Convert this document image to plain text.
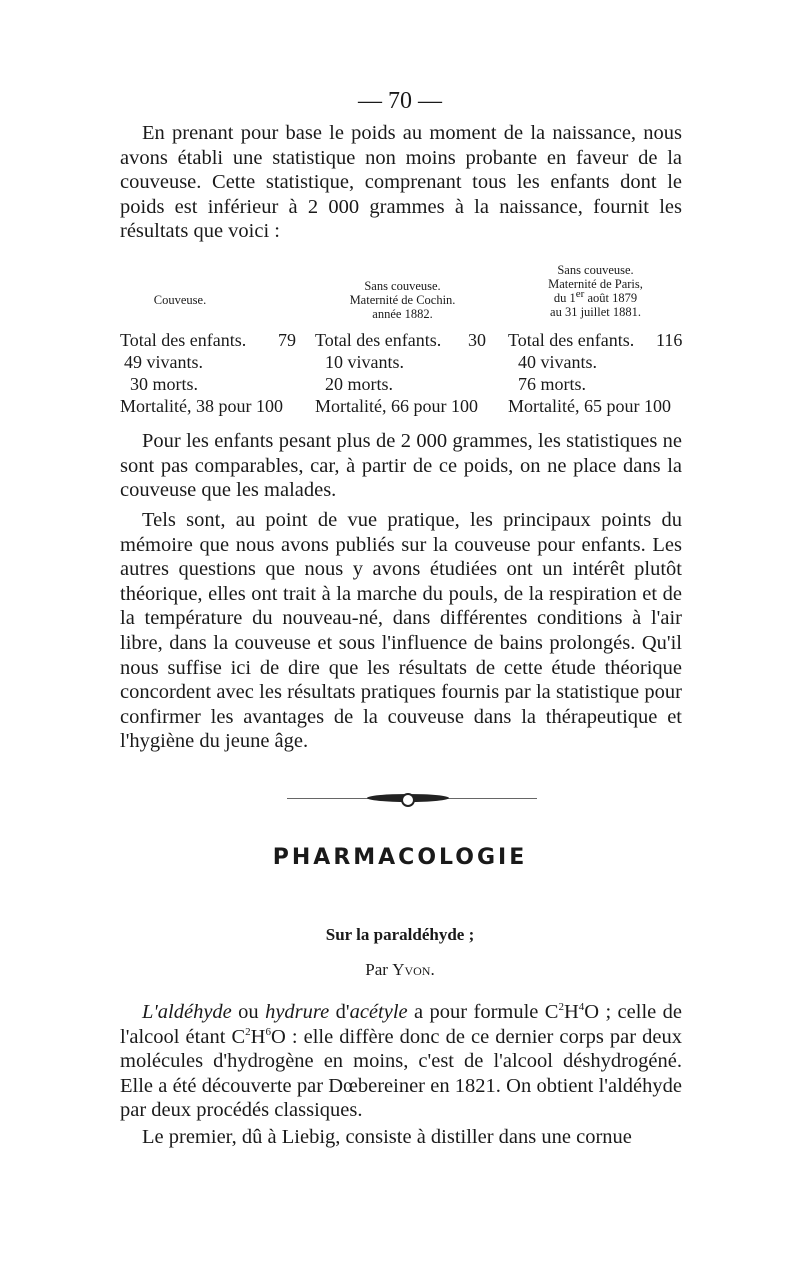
— 70 —

En prenant pour base le poids au moment de la naissance, nous avons établi une statistique non moins probante en faveur de la couveuse. Cette statistique, comprenant tous les enfants dont le poids est inférieur à 2 000 grammes à la naissance, fournit les résultats que voici :

Couveuse.
Total des enfants. 79
49 vivants.
30 morts.
Mortalité, 38 pour 100
Sans couveuse.
Maternité de Cochin.
année 1882.
Total des enfants. 30
10 vivants.
20 morts.
Mortalité, 66 pour 100
Sans couveuse.
Maternité de Paris,
du 1er août 1879
au 31 juillet 1881.
Total des enfants. 116
40 vivants.
76 morts.
Mortalité, 65 pour 100

Pour les enfants pesant plus de 2 000 grammes, les statistiques ne sont pas comparables, car, à partir de ce poids, on ne place dans la couveuse que les malades.

Tels sont, au point de vue pratique, les principaux points du mémoire que nous avons publiés sur la couveuse pour enfants. Les autres questions que nous y avons étudiées ont un intérêt plutôt théorique, elles ont trait à la marche du pouls, de la respiration et de la température du nouveau-né, dans différentes conditions à l'air libre, dans la couveuse et sous l'influence de bains prolongés. Qu'il nous suffise ici de dire que les résultats de cette étude théorique concordent avec les résultats pratiques fournis par la statistique pour confirmer les avantages de la couveuse dans la thérapeutique et l'hygiène du jeune âge.

PHARMACOLOGIE
Sur la paraldéhyde ;
Par Yvon.

L'aldéhyde ou hydrure d'acétyle a pour formule $C^2H^4O$ ; celle de l'alcool étant $C^2H^6O$ : elle diffère donc de ce dernier corps par deux molécules d'hydrogène en moins, c'est de l'alcool déshydrogéné. Elle a été découverte par Dœbereiner en 1821. On obtient l'aldéhyde par deux procédés classiques.

Le premier, dû à Liebig, consiste à distiller dans une cornue
